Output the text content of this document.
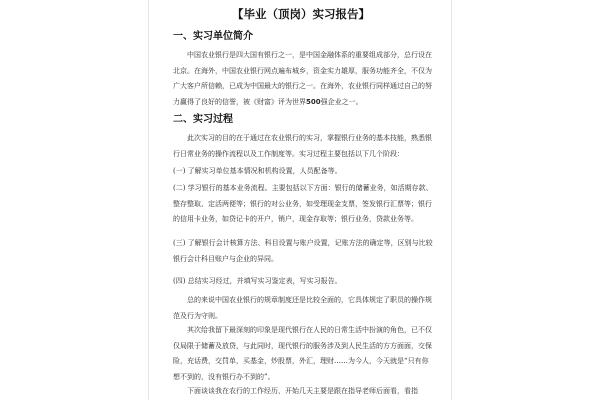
【毕业（顶岗）实习报告】
一、实习单位简介

中国农业银行是四大国有银行之一，是中国金融体系的重要组成部分，总行设在北京。在海外，中国农业银行网点遍布城乡，资金实力雄厚，服务功能齐全，不仅为广大客户所信赖，已成为中国最大的银行之一。在海外，农业银行同样通过自己的努力赢得了良好的信誉，被《财富》评为世界500强企业之一。

二、实习过程

此次实习的目的在于通过在农业银行的实习，掌握银行业务的基本技能，熟悉银行日常业务的操作流程以及工作制度等。实习过程主要包括以下几个阶段：

(一) 了解实习单位基本情况和机构设置，人员配备等。

(二) 学习银行的基本业务流程。主要包括以下方面：银行的储蓄业务，如活期存款、整存整取、定活两便等；银行的对公业务，如受理现金支票，签发银行汇票等；银行的信用卡业务，如贷记卡的开户，销户，现金存取等；银行业务，贷款业务等。

(三) 了解银行会计核算方法、科目设置与账户设置，记账方法的确定等，区别与比较银行会计科目账户与企业的异同。

(四) 总结实习经过，并填写实习鉴定表，写实习报告。

总的来说中国农业银行的规章制度还是比较全面的，它具体规定了职员的操作规范及行为守则。

其次给我留下最深刻的印象是现代银行在人民的日常生活中扮演的角色，已不仅仅局限于储蓄及放贷，与此同时，现代银行的服务涉及到人民生活的方方面面，交保险，充话费，交罚单，买基金，炒股票，外汇，理财……为今人，今天就是“只有你想不到的，没有银行办不到的”。

下面谈谈我在农行的工作经历，开始几天主要是跟在指导老师后面看，看指
